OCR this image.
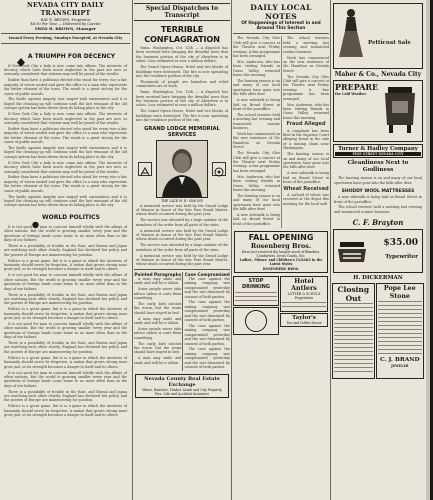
NEVADA CITY DAILY TRANSCRIPT
RAY E. BROWN, Proprietor
$6.00 Per Year — Delivered by Carrier
FRED B. BROWN, Manager
Issued Every Evening, Sundays Excepted, at Nevada City
A TRIUMPH FOR DECENCY

If New York City a lady is now come into affairs. The interests of decency which have been much neglected in the past are now so seriously considered that citizens may well be proud of the results.

Rather than have a politician elected who stood for every vice a fair majority of voters united and gave the office to a man who represents the better element of the town. The result is a great victory for the cause of public morals.

The battle against iniquity was waged with earnestness and it is hoped the cleaning up will continue until the last remnant of the old corrupt system has been driven from its hiding place in the city.

If New York City a lady is now come into affairs. The interests of decency which have been much neglected in the past are now so seriously considered that citizens may well be proud of the results.

Rather than have a politician elected who stood for every vice a fair majority of voters united and gave the office to a man who represents the better element of the town. The result is a great victory for the cause of public morals.

The battle against iniquity was waged with earnestness and it is hoped the cleaning up will continue until the last remnant of the old corrupt system has been driven from its hiding place in the city.

If New York City a lady is now come into affairs. The interests of decency which have been much neglected in the past are now so seriously considered that citizens may well be proud of the results.

Rather than have a politician elected who stood for every vice a fair majority of voters united and gave the office to a man who represents the better element of the town. The result is a great victory for the cause of public morals.

The battle against iniquity was waged with earnestness and it is hoped the cleaning up will continue until the last remnant of the old corrupt system has been driven from its hiding place in the city.

WORLD POLITICS

It is not good for man to concern himself wholly with the affairs of other nations. But the world is growing smaller every year and the questions of foreign lands come home to us more often than in the days of our fathers.

There is a possibility of trouble in the East, and Russia and Japan are watching each other closely. England has declared her policy and the powers of Europe are maneuvering for position.

Politics is a great game, but it is a game in which the interests of humanity should never be forgotten. A nation that grows strong must grow just, or its strength becomes a danger to itself and to others.

It is not good for man to concern himself wholly with the affairs of other nations. But the world is growing smaller every year and the questions of foreign lands come home to us more often than in the days of our fathers.

There is a possibility of trouble in the East, and Russia and Japan are watching each other closely. England has declared her policy and the powers of Europe are maneuvering for position.

Politics is a great game, but it is a game in which the interests of humanity should never be forgotten. A nation that grows strong must grow just, or its strength becomes a danger to itself and to others.

It is not good for man to concern himself wholly with the affairs of other nations. But the world is growing smaller every year and the questions of foreign lands come home to us more often than in the days of our fathers.

There is a possibility of trouble in the East, and Russia and Japan are watching each other closely. England has declared her policy and the powers of Europe are maneuvering for position.

Politics is a great game, but it is a game in which the interests of humanity should never be forgotten. A nation that grows strong must grow just, or its strength becomes a danger to itself and to others.

It is not good for man to concern himself wholly with the affairs of other nations. But the world is growing smaller every year and the questions of foreign lands come home to us more often than in the days of our fathers.

There is a possibility of trouble in the East, and Russia and Japan are watching each other closely. England has declared her policy and the powers of Europe are maneuvering for position.

Politics is a great game, but it is a game in which the interests of humanity should never be forgotten. A nation that grows strong must grow just, or its strength becomes a danger to itself and to others.

Special Dispatches to Transcript
TERRIBLE CONFLAGRATION

Yuma, Washington, Oct. 12th — A dispatch has been received here bringing the dreadful news that the business portion of the city of Aberdeen is in ashes. Loss estimated at over a million dollars.

The Grand Opera House, Hotel and two blocks of buildings were destroyed. The fire is now spreading into the residence portion of the city.

Thousands of people are homeless and relief committees are at work.

Yuma, Washington, Oct. 12th — A dispatch has been received here bringing the dreadful news that the business portion of the city of Aberdeen is in ashes. Loss estimated at over a million dollars.

The Grand Opera House, Hotel and two blocks of buildings were destroyed. The fire is now spreading into the residence portion of the city.

GRAND LODGE MEMORIAL SERVICES
THE LATE W. H. SIMONS

A memorial service was held by the Grand Lodge of Masons in honor of the late Past Grand Master, whose death occurred during the past year.

The service was attended by a large number of the members of the order from all parts of the state.

A memorial service was held by the Grand Lodge of Masons in honor of the late Past Grand Master, whose death occurred during the past year.

The service was attended by a large number of the members of the order from all parts of the state.

A memorial service was held by the Grand Lodge of Masons in honor of the late Past Grand Master, whose death occurred during the past year.

Pointed Paragraphs

A man may smile and smile and still be a villain.

Some people never take advice unless it costs them something.

The early bird catches the worm, but the worm should have stayed in bed.

A man may smile and smile and still be a villain.

Some people never take advice unless it costs them something.

The early bird catches the worm, but the worm should have stayed in bed.

A man may smile and smile and still be a villain.

Case Compromised

The case against the mining company was compromised yesterday and the suit dismissed by consent of both parties.

The case against the mining company was compromised yesterday and the suit dismissed by consent of both parties.

The case against the mining company was compromised yesterday and the suit dismissed by consent of both parties.

The case against the mining company was compromised yesterday and the suit dismissed by consent of both parties.

Nevada County Real Estate Exchange
Mines, Ranches, Timber Lands and City Property
Fire, Life and Accident Insurance
DAILY LOCAL NOTES
Of Happenings of Interest in and Around This Section

The Nevada City Glee Club will give a concert at the Theatre next Friday evening. A fine programme has been arranged.

Mrs. Anderson, who has been visiting friends in Grass Valley, returned home this morning.

The hunting season is on and many of our local sportsmen have gone into the hills after deer.

A new sidewalk is being laid on Broad Street in front of the postoffice.

The school trustees held a meeting last evening and transacted routine business.

Work has commenced on the new residence of Mr. Hamilton on Nevada Street.

The Nevada City Glee Club will give a concert at the Theatre next Friday evening. A fine programme has been arranged.

Mrs. Anderson, who has been visiting friends in Grass Valley, returned home this morning.

The hunting season is on and many of our local sportsmen have gone into the hills after deer.

A new sidewalk is being laid on Broad Street in front of the postoffice.

The school trustees held a meeting last evening and transacted routine business.

Work has commenced on the new residence of Mr. Hamilton on Nevada Street.

The Nevada City Glee Club will give a concert at the Theatre next Friday evening. A fine programme has been arranged.

Mrs. Anderson, who has been visiting friends in Grass Valley, returned home this morning.

Fraud Alleged

A complaint has been filed in the Superior Court alleging fraud in the sale of a mining claim near Washington.

The hunting season is on and many of our local sportsmen have gone into the hills after deer.

A new sidewalk is being laid on Broad Street in front of the postoffice.

Wheat Received

A carload of wheat was received at the depot this morning for the local mill.

FALL OPENING
Rosenberg Bros.
Have just received the largest stock of Blankets, Comforters, Dress Goods, Etc.
Ladies', Misses' and Children's CLOAKS in the Latest Styles
ROSENBERG BROS.
STOP DRINKING
Hotel Antlers
LOTTER & SCHULZ Proprietors
Taylor's
Tea and Coffee House
Petticoat Sale
Maher & Co., Nevada City
PREPARE
For Cold Weather
Turner & Hadley Company
PINE STREET NEVADA CITY
Cleanliness Next to Godliness

The hunting season is on and many of our local sportsmen have gone into the hills after deer.

SHODDY WOOL MATTRESSES

A new sidewalk is being laid on Broad Street in front of the postoffice.

The school trustees held a meeting last evening and transacted routine business.

C. F. Brayton
$35.00
Typewriter
H. DICKERMAN
Closing Out
Pope Lee Stone
C. J. BRAND
JEWELER
